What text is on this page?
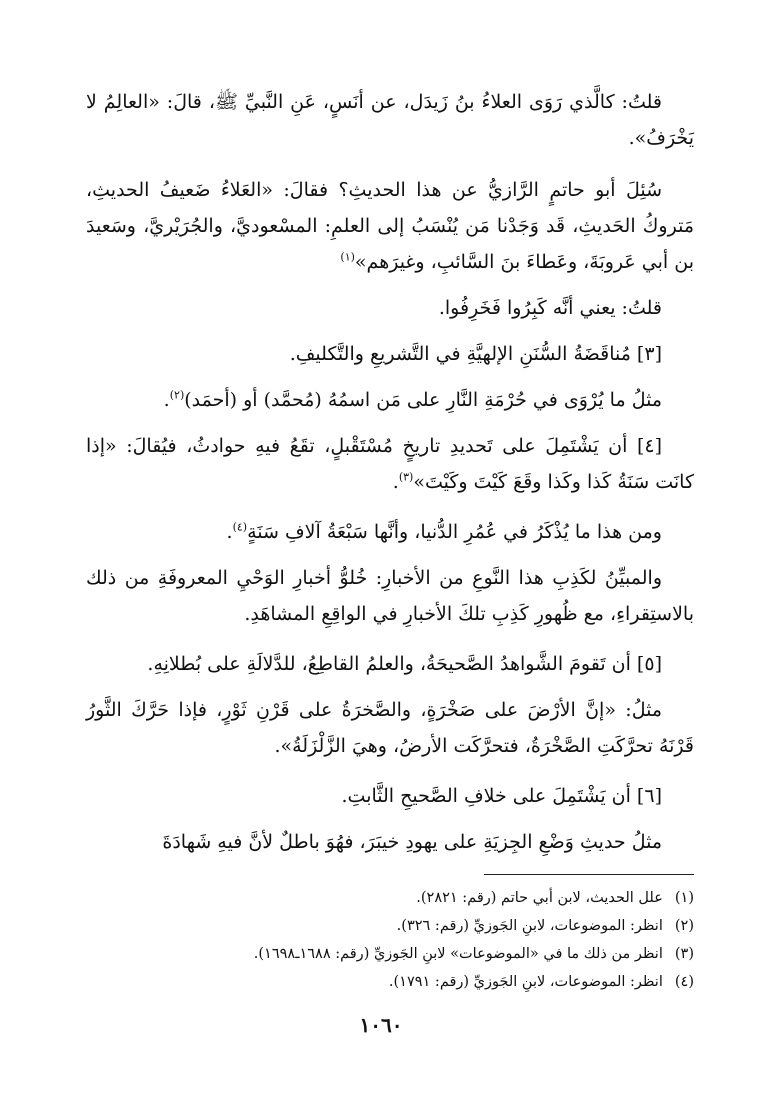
قلتُ: كالَّذي رَوَى العلاءُ بنُ زَيدَل، عن أنَسٍ، عَنِ النَّبيِّ ﷺ، قالَ: «العالِمُ لا يَخْرَفُ».

سُئِلَ أبو حاتمٍ الرَّازيُّ عن هذا الحديثِ؟ فقالَ: «العَلاءُ ضَعيفُ الحديثِ، مَتروكُ الحَديثِ، قَد وَجَدْنا مَن يُنْسَبُ إلى العلمِ: المسْعوديَّ، والجُرَيْريَّ، وسَعيدَ بن أبي عَروبَةَ، وعَطاءَ بنَ السَّائبِ، وغيرَهم»$^{(١)}$

قلتُ: يعني أنَّه كَبِرُوا فَخَرِفُوا.

[٣] مُناقَضَةُ السُّنَنِ الإلهيَّةِ في التَّشريعِ والتَّكليفِ.

مثلُ ما يُرْوَى في حُرْمَةِ النَّارِ على مَن اسمُهُ (مُحمَّد) أو (أحمَد)$^{(٢)}$.

[٤] أن يَشْتَمِلَ على تَحديدِ تاريخٍ مُسْتَقْبلٍ، تقَعُ فيهِ حوادثُ، فيُقالَ: «إذا كانَت سَنَةُ كَذا وكَذا وقَعَ كَيْتَ وكَيْتَ»$^{(٣)}$.

ومن هذا ما يُذْكَرُ في عُمُرِ الدُّنيا، وأنَّها سَبْعَةُ آلافِ سَنَةٍ$^{(٤)}$.

والمبيِّنُ لكَذِبِ هذا النَّوعِ من الأخبارِ: خُلوُّ أخبارِ الوَحْيِ المعروفَةِ من ذلك بالاستِقراءِ، مع ظُهورِ كَذِبِ تلكَ الأخبارِ في الواقِعِ المشاهَدِ.

[٥] أن تَقومَ الشَّواهدُ الصَّحيحَةُ، والعلمُ القاطِعُ، للدَّلالَةِ على بُطلانِهِ.

مثلُ: «إنَّ الأرْضَ على صَخْرَةٍ، والصَّخرَةُ على قَرْنِ ثَوْرٍ، فإذا حَرَّكَ الثَّورُ قَرْنَهُ تحرَّكَتِ الصَّخْرَةُ، فتحرَّكَت الأرضُ، وهيَ الزَّلْزَلَةُ».

[٦] أن يَشْتَمِلَ على خلافِ الصَّحيحِ الثَّابتِ.

مثلُ حديثِ وَضْعِ الجِزيَةِ على يهودِ خيبَرَ، فهُوَ باطلٌ لأنَّ فيهِ شَهادَةَ

(١)علل الحديث، لابن أبي حاتم (رقم: ٢٨٢١).
(٢)انظر: الموضوعات، لابنِ الجَوزيِّ (رقم: ٣٢٦).
(٣)انظر من ذلك ما في «الموضوعات» لابنِ الجَوزيِّ (رقم: ١٦٨٨ـ١٦٩٨).
(٤)انظر: الموضوعات، لابنِ الجَوزيِّ (رقم: ١٧٩١).
١٠٦٠
